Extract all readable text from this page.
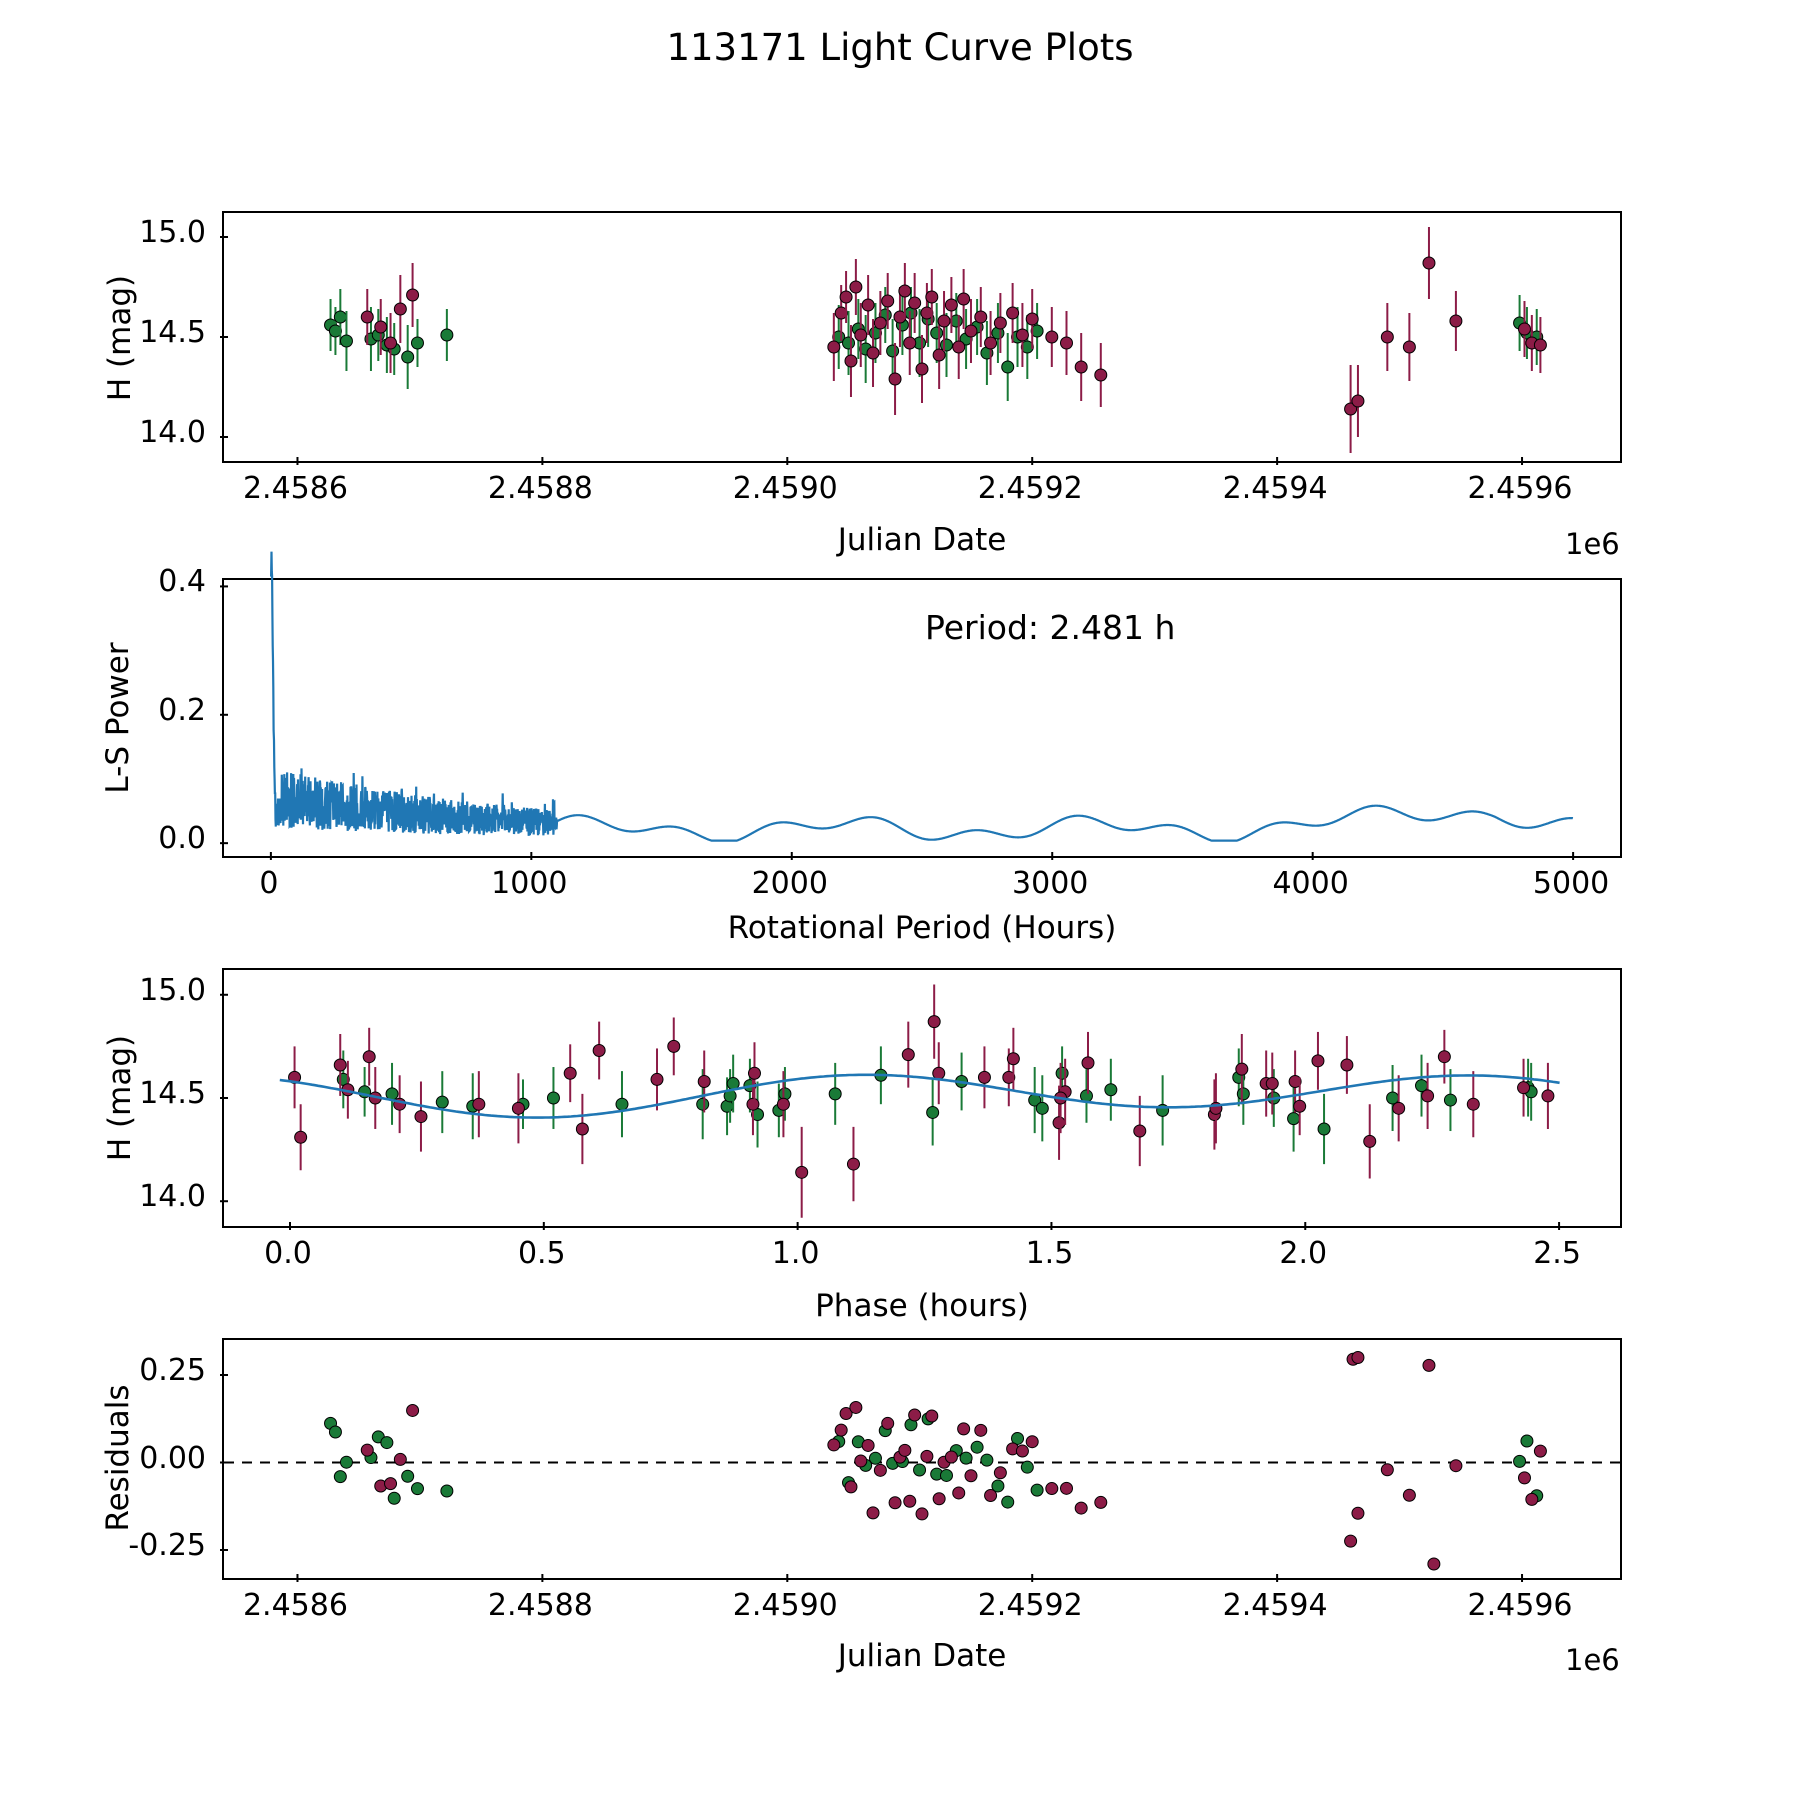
113171 Light Curve Plots
H (mag)
Julian Date	1e6
2.4586	2.4588	2.4590	2.4592	2.4594	2.4596
14.0
14.5
15.0
L-S Power
Rotational Period (Hours)
Period: 2.481 h
0	1000	2000	3000	4000	5000
0.0
0.2
0.4
H (mag)
Phase (hours)
0.0	0.5	1.0	1.5	2.0	2.5
14.0
14.5
15.0
Residuals
Julian Date	1e6
2.4586	2.4588	2.4590	2.4592	2.4594	2.4596
-0.25
0.00
0.25
